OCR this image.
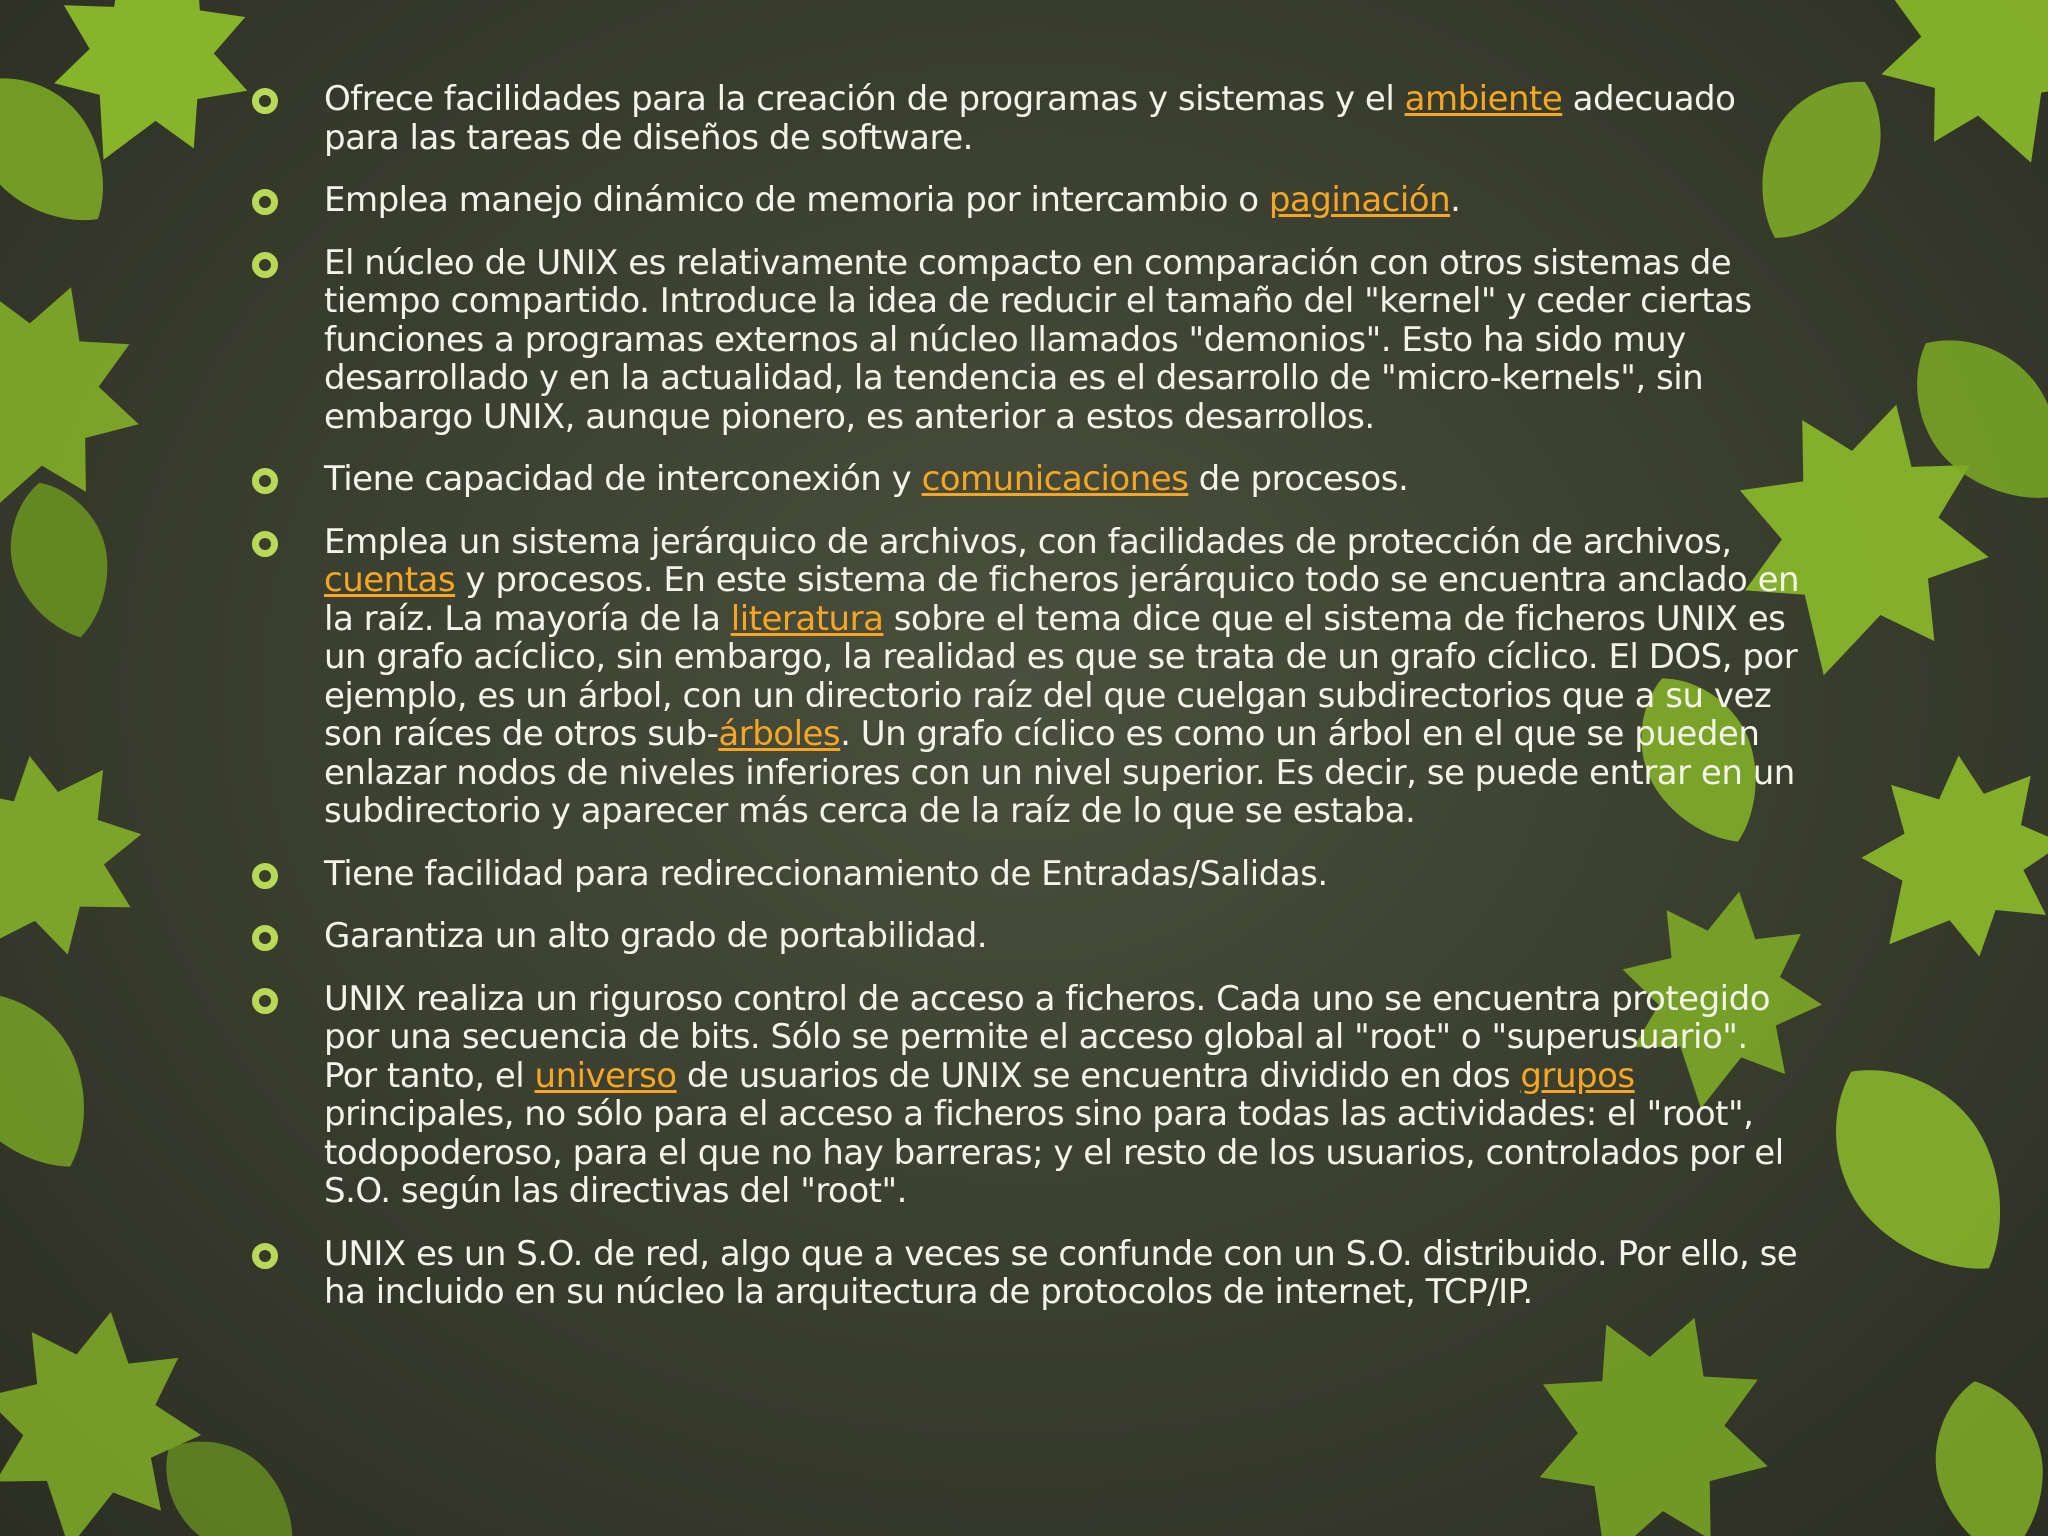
Ofrece facilidades para la creación de programas y sistemas y el ambiente adecuado para las tareas de diseños de software.
Emplea manejo dinámico de memoria por intercambio o paginación.
El núcleo de UNIX es relativamente compacto en comparación con otros sistemas de tiempo compartido. Introduce la idea de reducir el tamaño del "kernel" y ceder ciertas funciones a programas externos al núcleo llamados "demonios". Esto ha sido muy desarrollado y en la actualidad, la tendencia es el desarrollo de "micro-kernels", sin embargo UNIX, aunque pionero, es anterior a estos desarrollos.
Tiene capacidad de interconexión y comunicaciones de procesos.
Emplea un sistema jerárquico de archivos, con facilidades de protección de archivos, cuentas y procesos. En este sistema de ficheros jerárquico todo se encuentra anclado en la raíz. La mayoría de la literatura sobre el tema dice que el sistema de ficheros UNIX es un grafo acíclico, sin embargo, la realidad es que se trata de un grafo cíclico. El DOS, por ejemplo, es un árbol, con un directorio raíz del que cuelgan subdirectorios que a su vez son raíces de otros sub-árboles. Un grafo cíclico es como un árbol en el que se pueden enlazar nodos de niveles inferiores con un nivel superior. Es decir, se puede entrar en un subdirectorio y aparecer más cerca de la raíz de lo que se estaba.
Tiene facilidad para redireccionamiento de Entradas/Salidas.
Garantiza un alto grado de portabilidad.
UNIX realiza un riguroso control de acceso a ficheros. Cada uno se encuentra protegido por una secuencia de bits. Sólo se permite el acceso global al "root" o "superusuario". Por tanto, el universo de usuarios de UNIX se encuentra dividido en dos grupos principales, no sólo para el acceso a ficheros sino para todas las actividades: el "root", todopoderoso, para el que no hay barreras; y el resto de los usuarios, controlados por el S.O. según las directivas del "root".
UNIX es un S.O. de red, algo que a veces se confunde con un S.O. distribuido. Por ello, se ha incluido en su núcleo la arquitectura de protocolos de internet, TCP/IP.
